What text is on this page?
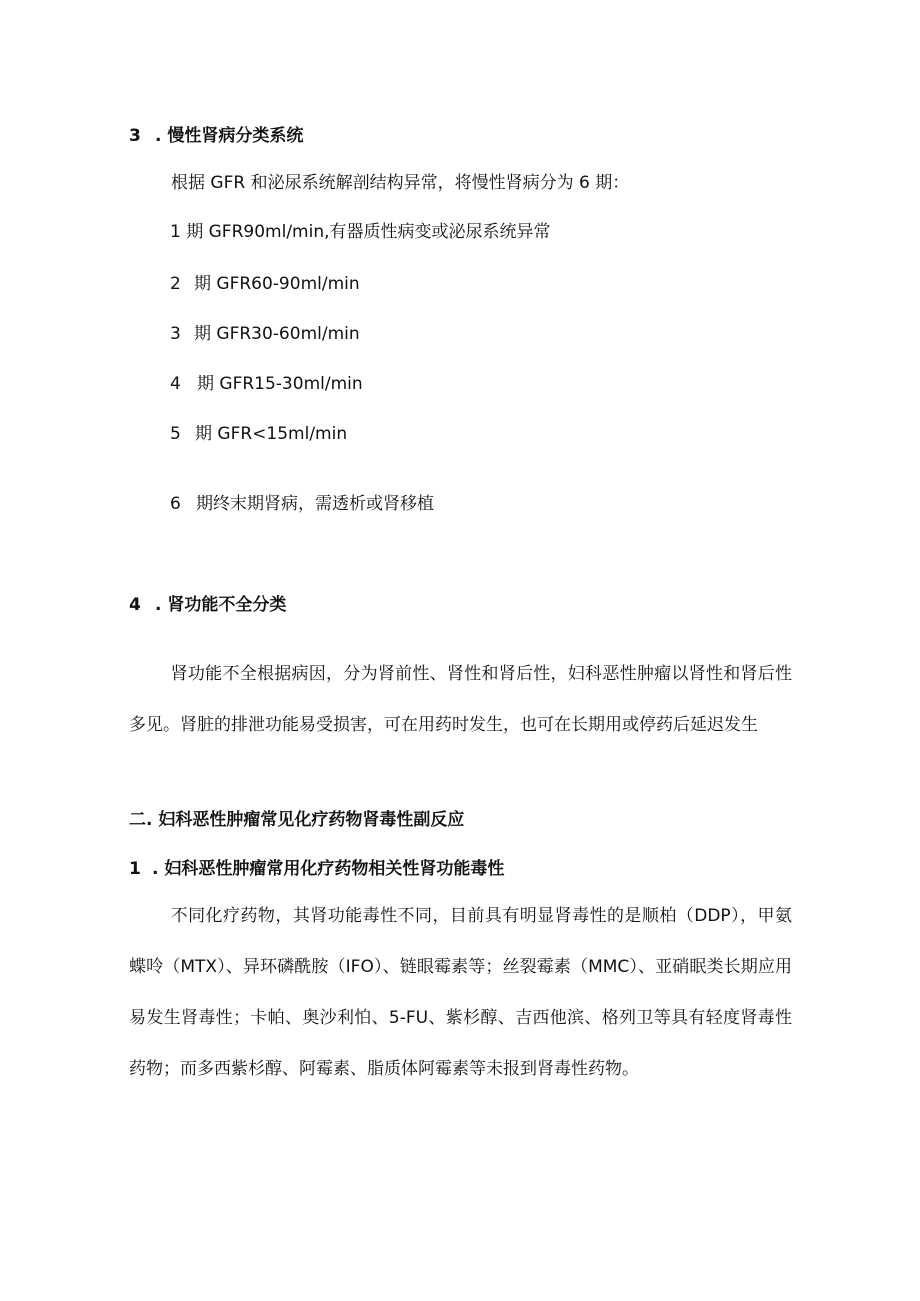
3 . 慢性肾病分类系统
根据 GFR 和泌尿系统解剖结构异常，将慢性肾病分为 6 期：
1 期 GFR90ml∕min,有器质性病变或泌尿系统异常
2 期 GFR60-90ml∕min
3 期 GFR30-60ml∕min
4 期 GFR15-30ml∕min
5 期 GFR<15ml∕min
6 期终末期肾病，需透析或肾移植
4 . 肾功能不全分类
肾功能不全根据病因，分为肾前性、肾性和肾后性，妇科恶性肿瘤以肾性和肾后性多见。肾脏的排泄功能易受损害，可在用药时发生，也可在长期用或停药后延迟发生
二. 妇科恶性肿瘤常见化疗药物肾毒性副反应
1 . 妇科恶性肿瘤常用化疗药物相关性肾功能毒性
不同化疗药物，其肾功能毒性不同，目前具有明显肾毒性的是顺柏（DDP），甲氨蝶呤（MTX）、异环磷酰胺（IFO）、链眼霉素等；丝裂霉素（MMC）、亚硝眠类长期应用易发生肾毒性；卡帕、奥沙利怕、5-FU、紫杉醇、吉西他滨、格列卫等具有轻度肾毒性药物；而多西紫杉醇、阿霉素、脂质体阿霉素等未报到肾毒性药物。
